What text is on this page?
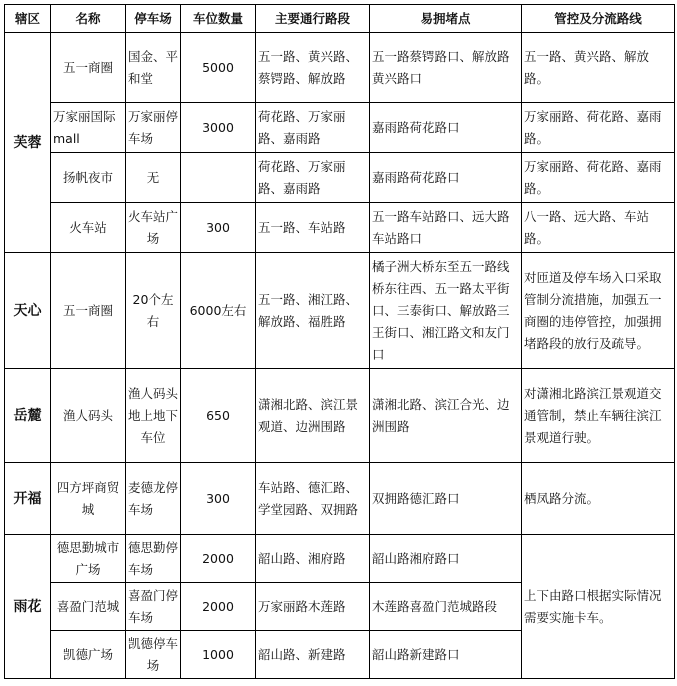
辖区	名称	停车场	车位数量	主要通行路段	易拥堵点	管控及分流路线
芙蓉	五一商圈	国金、平和堂	5000	五一路、黄兴路、蔡锷路、解放路	五一路蔡锷路口、解放路黄兴路口	五一路、黄兴路、解放路。
	万家丽国际mall	万家丽停车场	3000	荷花路、万家丽路、嘉雨路	嘉雨路荷花路口	万家丽路、荷花路、嘉雨路。
	扬帆夜市	无		荷花路、万家丽路、嘉雨路	嘉雨路荷花路口	万家丽路、荷花路、嘉雨路。
	火车站	火车站广场	300	五一路、车站路	五一路车站路口、远大路车站路口	八一路、远大路、车站路。
天心	五一商圈	20个左右	6000左右	五一路、湘江路、解放路、福胜路	橘子洲大桥东至五一路线桥东往西、五一路太平街口、三泰街口、解放路三王街口、湘江路文和友门口	对匝道及停车场入口采取管制分流措施，加强五一商圈的违停管控，加强拥堵路段的放行及疏导。
岳麓	渔人码头	渔人码头地上地下车位	650	潇湘北路、滨江景观道、边洲围路	潇湘北路、滨江合光、边洲围路	对潇湘北路滨江景观道交通管制，禁止车辆往滨江景观道行驶。
开福	四方坪商贸城	麦德龙停车场	300	车站路、德汇路、学堂园路、双拥路	双拥路德汇路口	栖凤路分流。
雨花	德思勤城市广场	德思勤停车场	2000	韶山路、湘府路	韶山路湘府路口	上下由路口根据实际情况需要实施卡车。
	喜盈门范城	喜盈门停车场	2000	万家丽路木莲路	木莲路喜盈门范城路段	
	凯德广场	凯德停车场	1000	韶山路、新建路	韶山路新建路口	
